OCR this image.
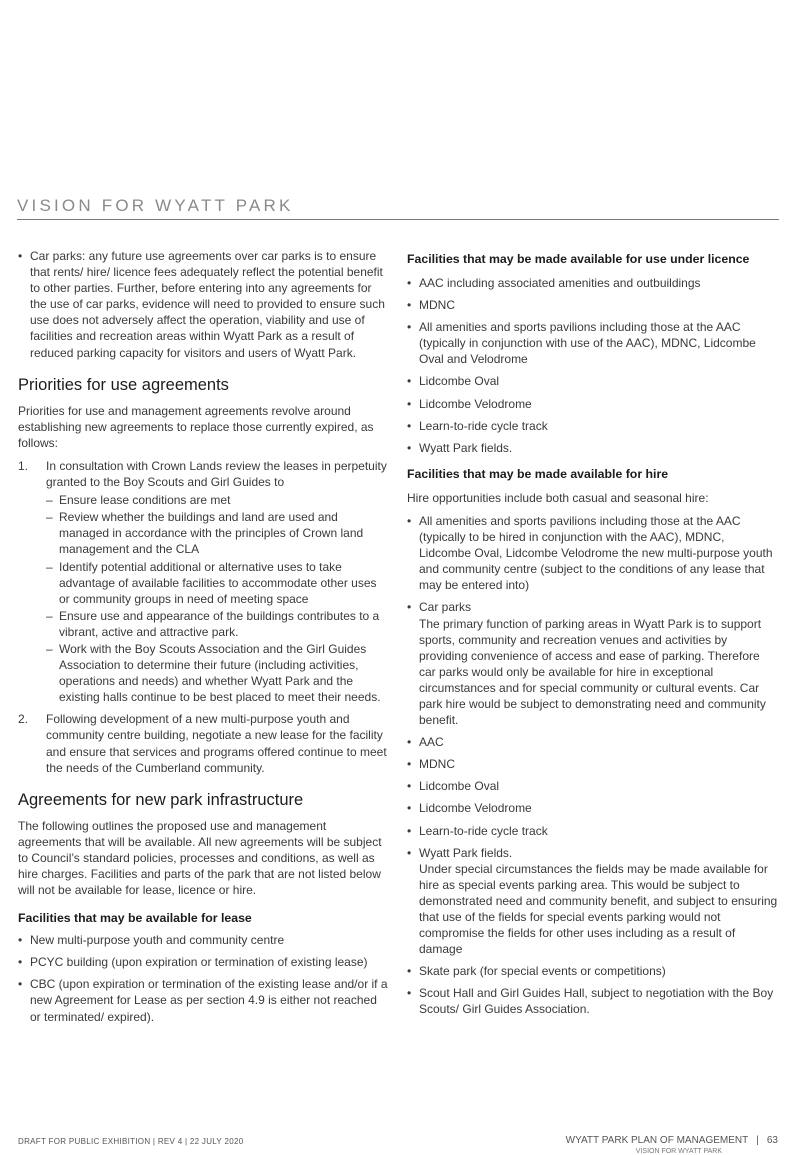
VISION FOR WYATT PARK
• Car parks: any future use agreements over car parks is to ensure that rents/ hire/ licence fees adequately reflect the potential benefit to other parties. Further, before entering into any agreements for the use of car parks, evidence will need to provided to ensure such use does not adversely affect the operation, viability and use of facilities and recreation areas within Wyatt Park as a result of reduced parking capacity for visitors and users of Wyatt Park.
Priorities for use agreements

Priorities for use and management agreements revolve around establishing new agreements to replace those currently expired, as follows:

1. In consultation with Crown Lands review the leases in perpetuity granted to the Boy Scouts and Girl Guides to
– Ensure lease conditions are met
– Review whether the buildings and land are used and managed in accordance with the principles of Crown land management and the CLA
– Identify potential additional or alternative uses to take advantage of available facilities to accommodate other uses or community groups in need of meeting space
– Ensure use and appearance of the buildings contributes to a vibrant, active and attractive park.
– Work with the Boy Scouts Association and the Girl Guides Association to determine their future (including activities, operations and needs) and whether Wyatt Park and the existing halls continue to be best placed to meet their needs.
2. Following development of a new multi-purpose youth and community centre building, negotiate a new lease for the facility and ensure that services and programs offered continue to meet the needs of the Cumberland community.
Agreements for new park infrastructure

The following outlines the proposed use and management agreements that will be available. All new agreements will be subject to Council’s standard policies, processes and conditions, as well as hire charges. Facilities and parts of the park that are not listed below will not be available for lease, licence or hire.

Facilities that may be available for lease
• New multi-purpose youth and community centre
• PCYC building (upon expiration or termination of existing lease)
• CBC (upon expiration or termination of the existing lease and/or if a new Agreement for Lease as per section 4.9 is either not reached or terminated/ expired).
Facilities that may be made available for use under licence
• AAC including associated amenities and outbuildings
• MDNC
• All amenities and sports pavilions including those at the AAC (typically in conjunction with use of the AAC), MDNC, Lidcombe Oval and Velodrome
• Lidcombe Oval
• Lidcombe Velodrome
• Learn-to-ride cycle track
• Wyatt Park fields.
Facilities that may be made available for hire

Hire opportunities include both casual and seasonal hire:

• All amenities and sports pavilions including those at the AAC (typically to be hired in conjunction with the AAC), MDNC, Lidcombe Oval, Lidcombe Velodrome the new multi-purpose youth and community centre (subject to the conditions of any lease that may be entered into)
• Car parks
The primary function of parking areas in Wyatt Park is to support sports, community and recreation venues and activities by providing convenience of access and ease of parking. Therefore car parks would only be available for hire in exceptional circumstances and for special community or cultural events. Car park hire would be subject to demonstrating need and community benefit.
• AAC
• MDNC
• Lidcombe Oval
• Lidcombe Velodrome
• Learn-to-ride cycle track
• Wyatt Park fields.
Under special circumstances the fields may be made available for hire as special events parking area. This would be subject to demonstrated need and community benefit, and subject to ensuring that use of the fields for special events parking would not compromise the fields for other uses including as a result of damage
• Skate park (for special events or competitions)
• Scout Hall and Girl Guides Hall, subject to negotiation with the Boy Scouts/ Girl Guides Association.
DRAFT FOR PUBLIC EXHIBITION | REV 4 | 22 JULY 2020	WYATT PARK PLAN OF MANAGEMENT | 63
VISION FOR WYATT PARK
